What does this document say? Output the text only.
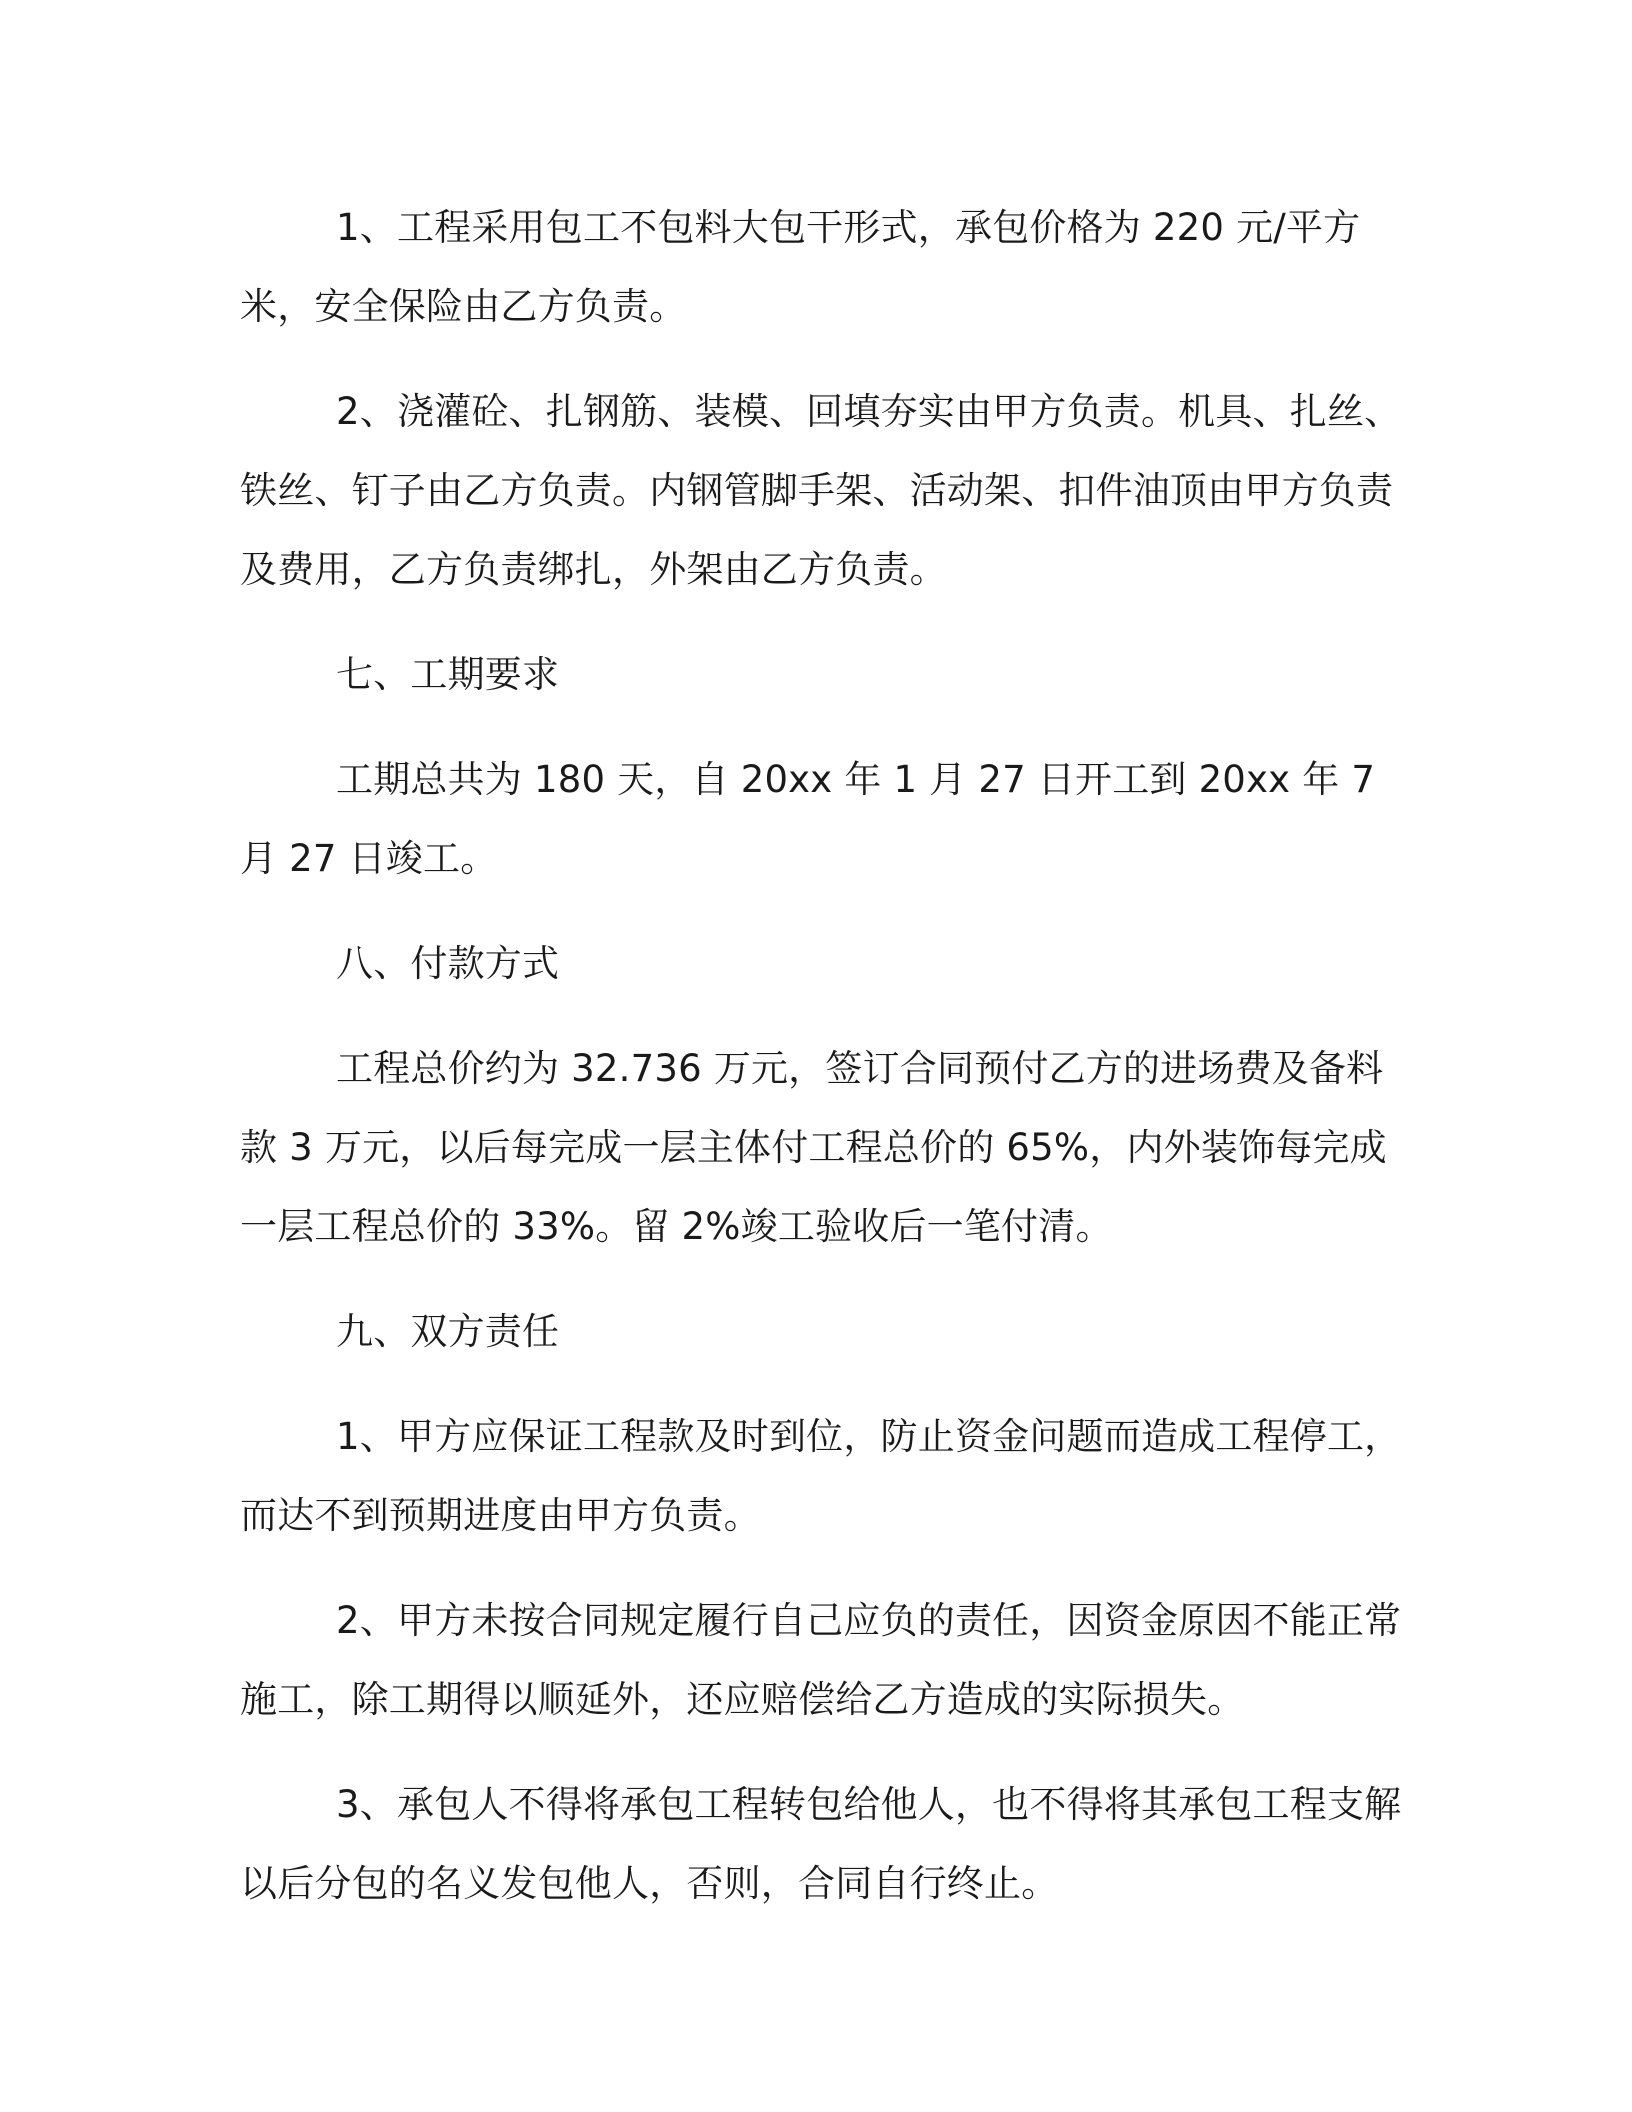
1、工程采用包工不包料大包干形式，承包价格为 220 元/平方米，安全保险由乙方负责。

2、浇灌砼、扎钢筋、装模、回填夯实由甲方负责。机具、扎丝、铁丝、钉子由乙方负责。内钢管脚手架、活动架、扣件油顶由甲方负责及费用，乙方负责绑扎，外架由乙方负责。

七、工期要求

工期总共为 180 天，自 20xx 年 1 月 27 日开工到 20xx 年 7 月 27 日竣工。

八、付款方式

工程总价约为 32.736 万元，签订合同预付乙方的进场费及备料款 3 万元，以后每完成一层主体付工程总价的 65%，内外装饰每完成一层工程总价的 33%。留 2%竣工验收后一笔付清。

九、双方责任

1、甲方应保证工程款及时到位，防止资金问题而造成工程停工，而达不到预期进度由甲方负责。

2、甲方未按合同规定履行自己应负的责任，因资金原因不能正常施工，除工期得以顺延外，还应赔偿给乙方造成的实际损失。

3、承包人不得将承包工程转包给他人，也不得将其承包工程支解以后分包的名义发包他人，否则，合同自行终止。
